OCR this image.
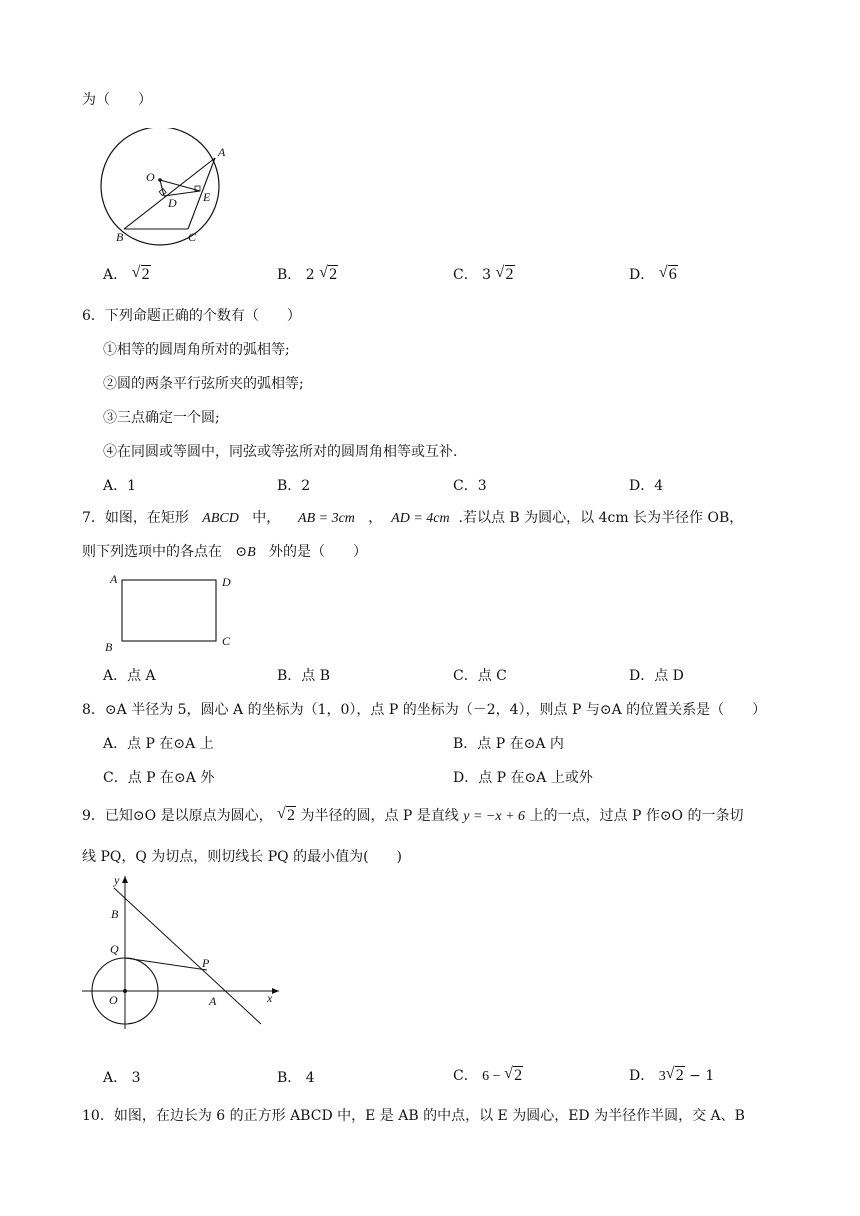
为（　　）
A
O
D E
B	C
A． √ 2	B． 2 √ 2	C． 3 √ 2	D． √ 6
6．下列命题正确的个数有（　　）
①相等的圆周角所对的弧相等;
②圆的两条平行弦所夹的弧相等;
③三点确定一个圆;
④在同圆或等圆中，同弦或等弦所对的圆周角相等或互补.
A．1	B．2	C．3	D．4
7．如图，在矩形 ABCD 中， AB = 3cm ， AD = 4cm .若以点 B 为圆心，以 4cm 长为半径作 OB，
则下列选项中的各点在 ⊙B 外的是（　　）
A	D
B	C
A．点 A	B．点 B	C．点 C	D．点 D
8．⊙A 半径为 5，圆心 A 的坐标为（1，0），点 P 的坐标为（－2，4），则点 P 与⊙A 的位置关系是（　　）
A．点 P 在⊙A 上	B．点 P 在⊙A 内
C．点 P 在⊙A 外	D．点 P 在⊙A 上或外
9．已知⊙O 是以原点为圆心， √ 2 为半径的圆，点 P 是直线 y = −x + 6 上的一点，过点 P 作⊙O 的一条切
线 PQ，Q 为切点，则切线长 PQ 的最小值为(　　)
y
B
Q
P
O	A	x
A． 3	B． 4	C． 6 − √ 2	D． 3 √ 2 − 1
10．如图，在边长为 6 的正方形 ABCD 中，E 是 AB 的中点，以 E 为圆心，ED 为半径作半圆，交 A、B
